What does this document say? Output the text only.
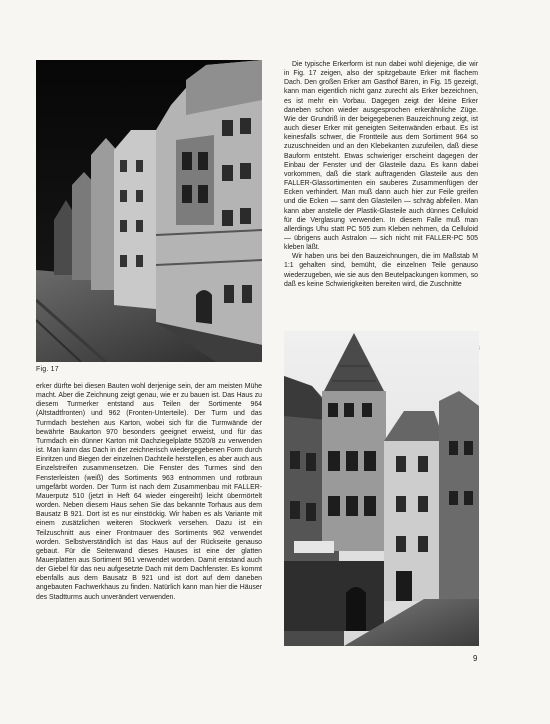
Fig. 17

Die typische Erkerform ist nun dabei wohl diejenige, die wir in Fig. 17 zeigen, also der spitzgebaute Erker mit flachem Dach. Den großen Erker am Gasthof Bären, in Fig. 15 gezeigt, kann man eigentlich nicht ganz zurecht als Erker bezeichnen, es ist mehr ein Vorbau. Dagegen zeigt der kleine Erker daneben schon wieder ausgesprochen erkerähnliche Züge. Wie der Grundriß in der beigegebenen Bauzeichnung zeigt, ist auch dieser Erker mit geneigten Seitenwänden erbaut. Es ist keinesfalls schwer, die Frontteile aus dem Sortiment 964 so zuzuschneiden und an den Klebekanten zuzufeilen, daß diese Bauform entsteht. Etwas schwieriger erscheint dagegen der Einbau der Fenster und der Glasteile dazu. Es kann dabei vorkommen, daß die stark auftragenden Glasteile aus den FALLER-Glassortimenten ein sauberes Zusammenfügen der Ecken verhindert. Man muß dann auch hier zur Feile greifen und die Ecken — samt den Glasteilen — schräg abfeilen. Man kann aber anstelle der Plastik-Glasteile auch dünnes Celluloid für die Verglasung verwenden. In diesem Falle muß man allerdings Uhu statt PC 505 zum Kleben nehmen, da Celluloid — übrigens auch Astralon — sich nicht mit FALLER-PC 505 kleben läßt.

Wir haben uns bei den Bauzeichnungen, die im Maßstab M 1:1 gehalten sind, bemüht, die einzelnen Teile genauso wiederzugeben, wie sie aus den Beutelpackungen kommen, so daß es keine Schwierigkeiten bereiten wird, die Zuschnitte

erker dürfte bei diesen Bauten wohl derjenige sein, der am meisten Mühe macht. Aber die Zeichnung zeigt genau, wie er zu bauen ist. Das Haus zu diesem Turmerker entstand aus Teilen der Sortimente 964 (Altstadtfronten) und 962 (Fronten-Unterteile). Der Turm und das Turmdach bestehen aus Karton, wobei sich für die Turmwände der bewährte Baukarton 970 besonders geeignet erweist, und für das Turmdach ein dünner Karton mit Dachziegelplatte 5520/8 zu verwenden ist. Man kann das Dach in der zeichnerisch wiedergegebenen Form durch Einritzen und Biegen der einzelnen Dachteile herstellen, es aber auch aus Einzelstreifen zusammensetzen. Die Fenster des Turmes sind den Fensterleisten (weiß) des Sortiments 963 entnommen und rotbraun umgefärbt worden. Der Turm ist nach dem Zusammenbau mit FALLER-Mauerputz 510 (jetzt in Heft 64 wieder eingereiht) leicht übermörtelt worden. Neben diesem Haus sehen Sie das bekannte Torhaus aus dem Bausatz B 921. Dort ist es nur einstöckig. Wir haben es als Variante mit einem zusätzlichen weiteren Stockwerk versehen. Dazu ist ein Teilzuschnitt aus einer Frontmauer des Sortiments 962 verwendet worden. Selbstverständlich ist das Haus auf der Rückseite genauso gebaut. Für die Seitenwand dieses Hauses ist eine der glatten Mauerplatten aus Sortiment 961 verwendet worden. Damit entstand auch der Giebel für das neu aufgesetzte Dach mit dem Dachfenster. Es kommt ebenfalls aus dem Bausatz B 921 und ist dort auf dem daneben angebauten Fachwerkhaus zu finden. Natürlich kann man hier die Häuser des Stadtturms auch unverändert verwenden.

9
